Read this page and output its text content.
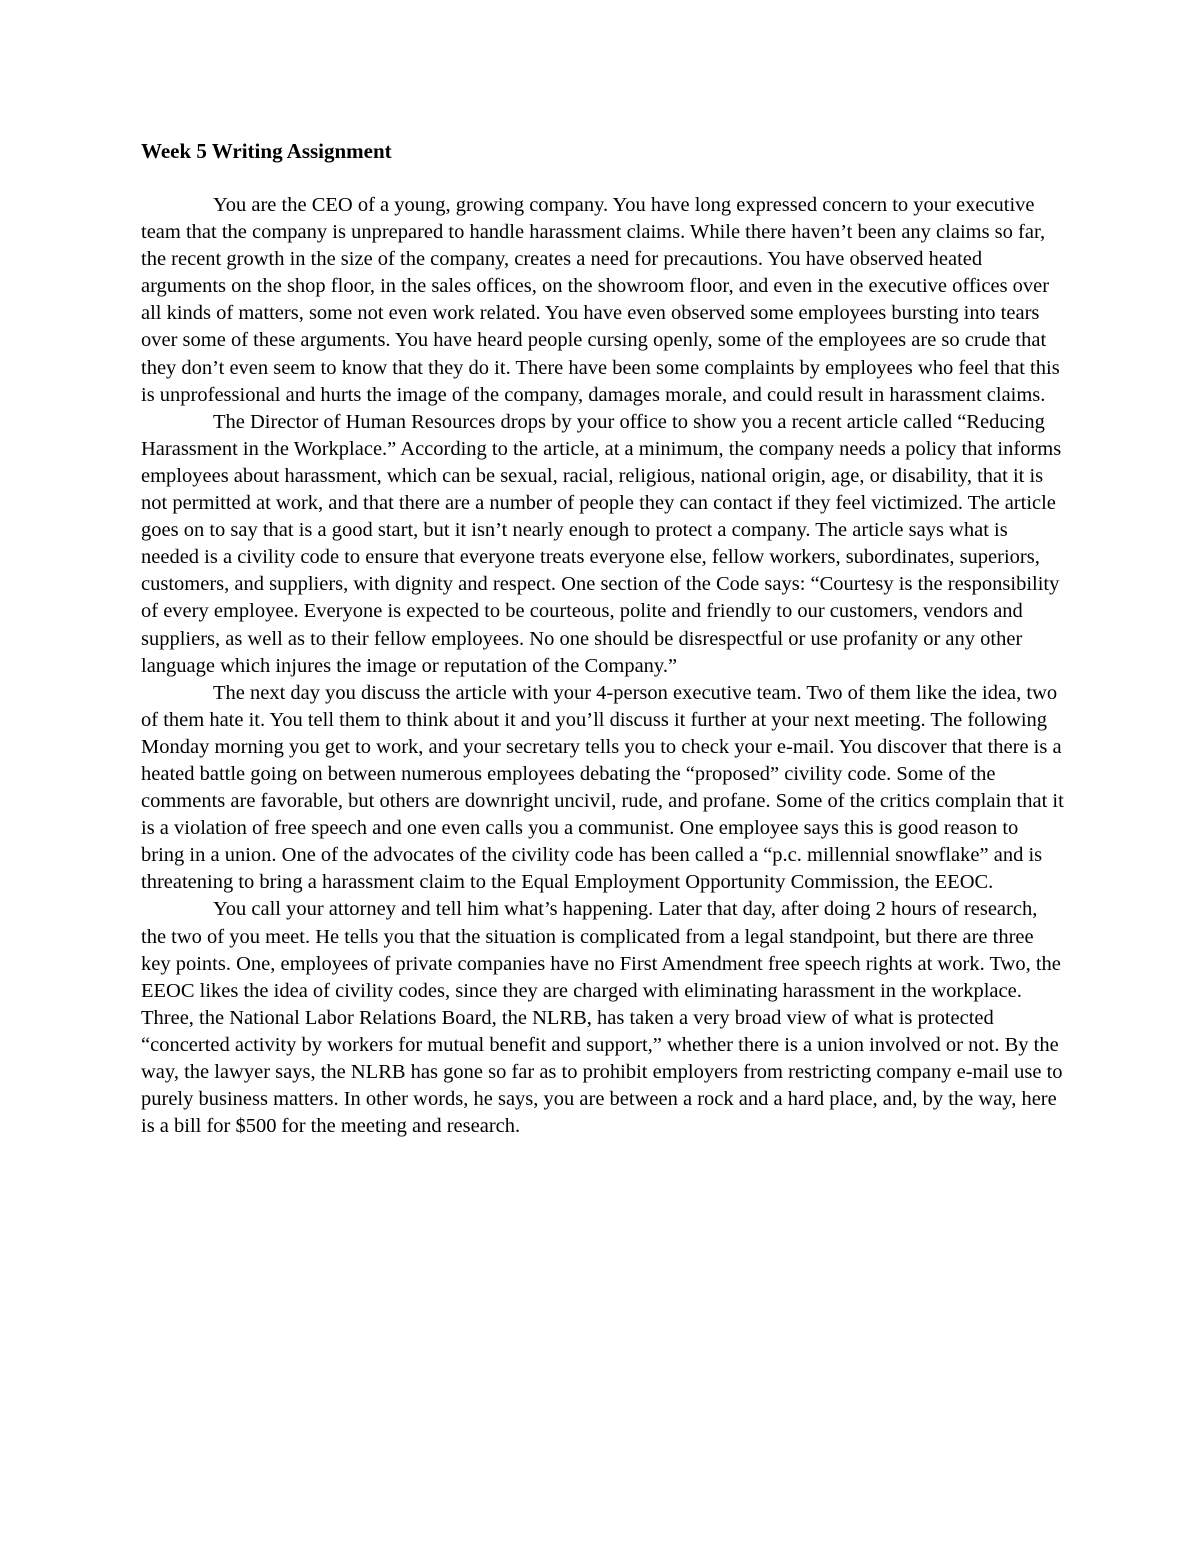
Week 5 Writing Assignment

You are the CEO of a young, growing company. You have long expressed concern to your executive team that the company is unprepared to handle harassment claims. While there haven’t been any claims so far, the recent growth in the size of the company, creates a need for precautions. You have observed heated arguments on the shop floor, in the sales offices, on the showroom floor, and even in the executive offices over all kinds of matters, some not even work related. You have even observed some employees bursting into tears over some of these arguments. You have heard people cursing openly, some of the employees are so crude that they don’t even seem to know that they do it. There have been some complaints by employees who feel that this is unprofessional and hurts the image of the company, damages morale, and could result in harassment claims.

The Director of Human Resources drops by your office to show you a recent article called “Reducing Harassment in the Workplace.” According to the article, at a minimum, the company needs a policy that informs employees about harassment, which can be sexual, racial, religious, national origin, age, or disability, that it is not permitted at work, and that there are a number of people they can contact if they feel victimized. The article goes on to say that is a good start, but it isn’t nearly enough to protect a company. The article says what is needed is a civility code to ensure that everyone treats everyone else, fellow workers, subordinates, superiors, customers, and suppliers, with dignity and respect. One section of the Code says: “Courtesy is the responsibility of every employee. Everyone is expected to be courteous, polite and friendly to our customers, vendors and suppliers, as well as to their fellow employees. No one should be disrespectful or use profanity or any other language which injures the image or reputation of the Company.”

The next day you discuss the article with your 4-person executive team. Two of them like the idea, two of them hate it. You tell them to think about it and you’ll discuss it further at your next meeting. The following Monday morning you get to work, and your secretary tells you to check your e-mail. You discover that there is a heated battle going on between numerous employees debating the “proposed” civility code. Some of the comments are favorable, but others are downright uncivil, rude, and profane. Some of the critics complain that it is a violation of free speech and one even calls you a communist. One employee says this is good reason to bring in a union. One of the advocates of the civility code has been called a “p.c. millennial snowflake” and is threatening to bring a harassment claim to the Equal Employment Opportunity Commission, the EEOC.

You call your attorney and tell him what’s happening. Later that day, after doing 2 hours of research, the two of you meet. He tells you that the situation is complicated from a legal standpoint, but there are three key points. One, employees of private companies have no First Amendment free speech rights at work. Two, the EEOC likes the idea of civility codes, since they are charged with eliminating harassment in the workplace. Three, the National Labor Relations Board, the NLRB, has taken a very broad view of what is protected “concerted activity by workers for mutual benefit and support,” whether there is a union involved or not. By the way, the lawyer says, the NLRB has gone so far as to prohibit employers from restricting company e-mail use to purely business matters. In other words, he says, you are between a rock and a hard place, and, by the way, here is a bill for $500 for the meeting and research.
